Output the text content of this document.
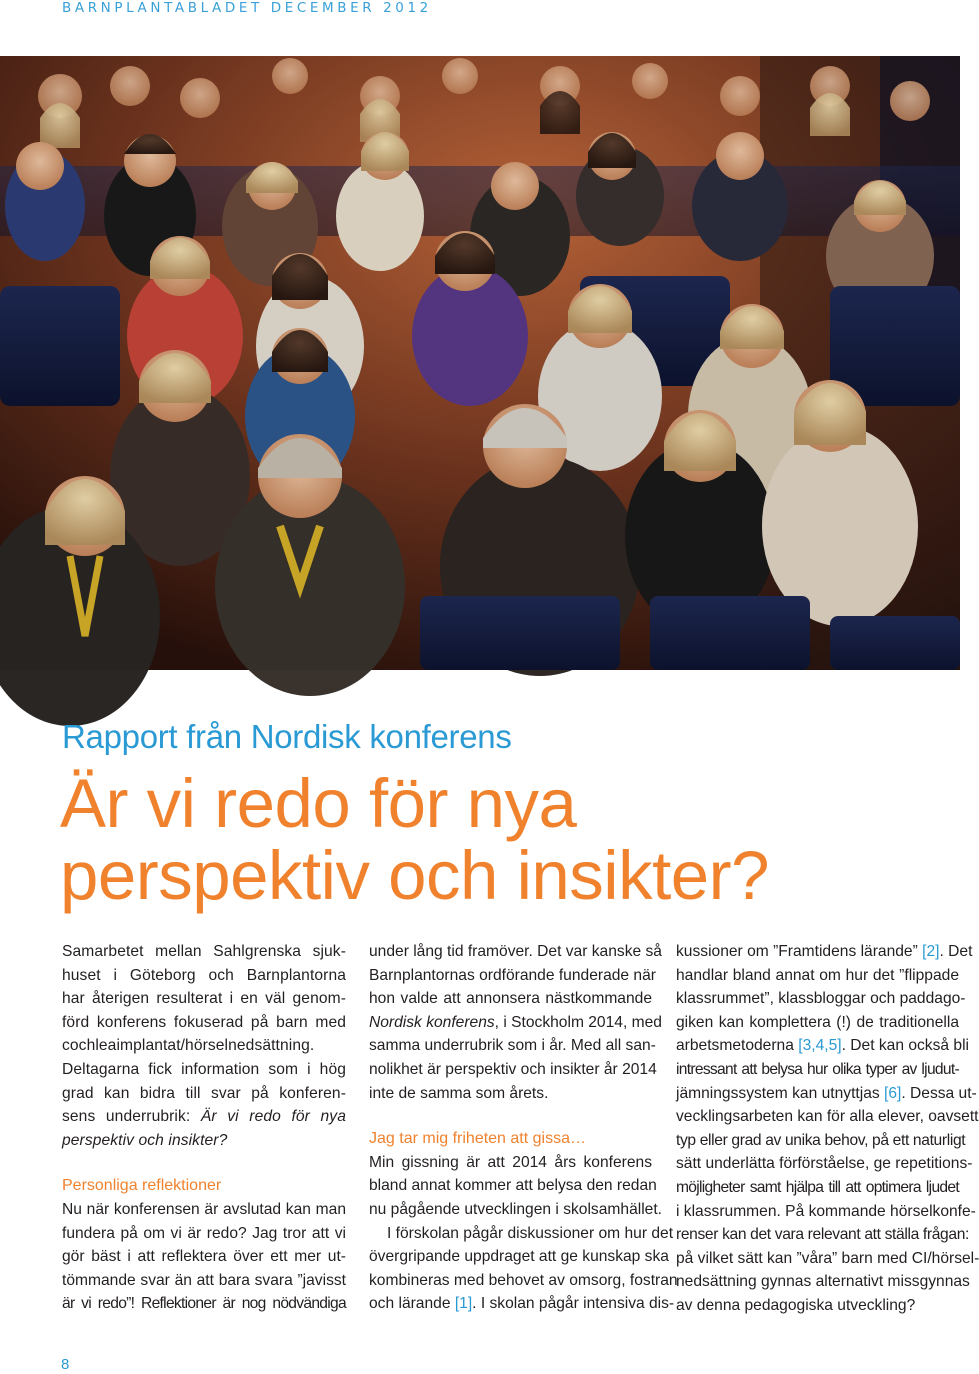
BARNPLANTABLADET DECEMBER 2012
Rapport från Nordisk konferens
Är vi redo för nya
perspektiv och insikter?
Samarbetet mellan Sahlgrenska sjuk-
huset i Göteborg och Barnplantorna
har återigen resulterat i en väl genom-
förd konferens fokuserad på barn med
cochleaimplantat/hörselnedsättning.
Deltagarna fick information som i hög
grad kan bidra till svar på konferen-
sens underrubrik: Är vi redo för nya
perspektiv och insikter?
Personliga reflektioner
Nu när konferensen är avslutad kan man
fundera på om vi är redo? Jag tror att vi
gör bäst i att reflektera över ett mer ut-
tömmande svar än att bara svara ”javisst
är vi redo”! Reflektioner är nog nödvändiga
under lång tid framöver. Det var kanske så
Barnplantornas ordförande funderade när
hon valde att annonsera nästkommande
Nordisk konferens, i Stockholm 2014, med
samma underrubrik som i år. Med all san-
nolikhet är perspektiv och insikter år 2014
inte de samma som årets.
Jag tar mig friheten att gissa…
Min gissning är att 2014 års konferens
bland annat kommer att belysa den redan
nu pågående utvecklingen i skolsamhället.
I förskolan pågår diskussioner om hur det
övergripande uppdraget att ge kunskap ska
kombineras med behovet av omsorg, fostran
och lärande [1]. I skolan pågår intensiva dis-
kussioner om ”Framtidens lärande” [2]. Det
handlar bland annat om hur det ”flippade
klassrummet”, klassbloggar och paddago-
giken kan komplettera (!) de traditionella
arbetsmetoderna [3,4,5]. Det kan också bli
intressant att belysa hur olika typer av ljudut-
jämningssystem kan utnyttjas [6]. Dessa ut-
vecklingsarbeten kan för alla elever, oavsett
typ eller grad av unika behov, på ett naturligt
sätt underlätta förförståelse, ge repetitions-
möjligheter samt hjälpa till att optimera ljudet
i klassrummen. På kommande hörselkonfe-
renser kan det vara relevant att ställa frågan:
på vilket sätt kan ”våra” barn med CI/hörsel-
nedsättning gynnas alternativt missgynnas
av denna pedagogiska utveckling?
8
